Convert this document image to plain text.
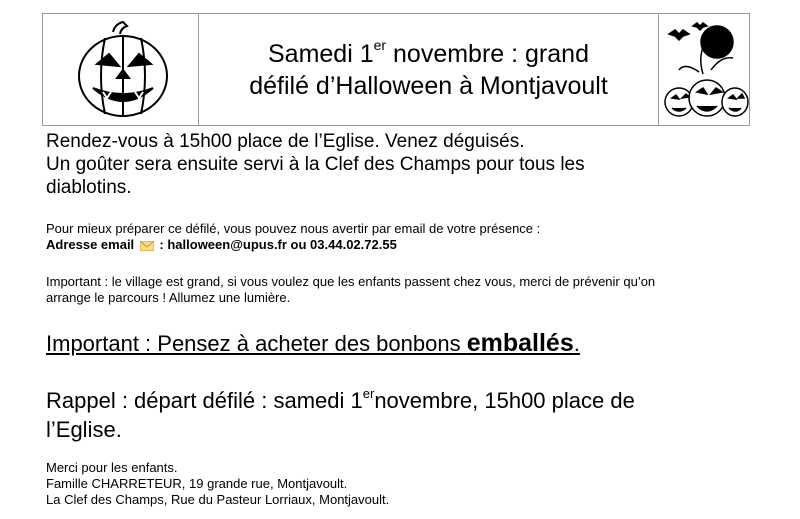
Samedi 1er novembre : grand
défilé d’Halloween à Montjavoult
Rendez-vous à 15h00 place de l’Eglise. Venez déguisés.
Un goûter sera ensuite servi à la Clef des Champs pour tous les
diablotins.
Pour mieux préparer ce défilé, vous pouvez nous avertir par email de votre présence :
Adresse email : halloween@upus.fr ou 03.44.02.72.55
Important : le village est grand, si vous voulez que les enfants passent chez vous, merci de prévenir qu’on
arrange le parcours ! Allumez une lumière.
Important : Pensez à acheter des bonbons emballés.
Rappel : départ défilé : samedi 1ernovembre, 15h00 place de
l’Eglise.
Merci pour les enfants.
Famille CHARRETEUR, 19 grande rue, Montjavoult.
La Clef des Champs, Rue du Pasteur Lorriaux, Montjavoult.
